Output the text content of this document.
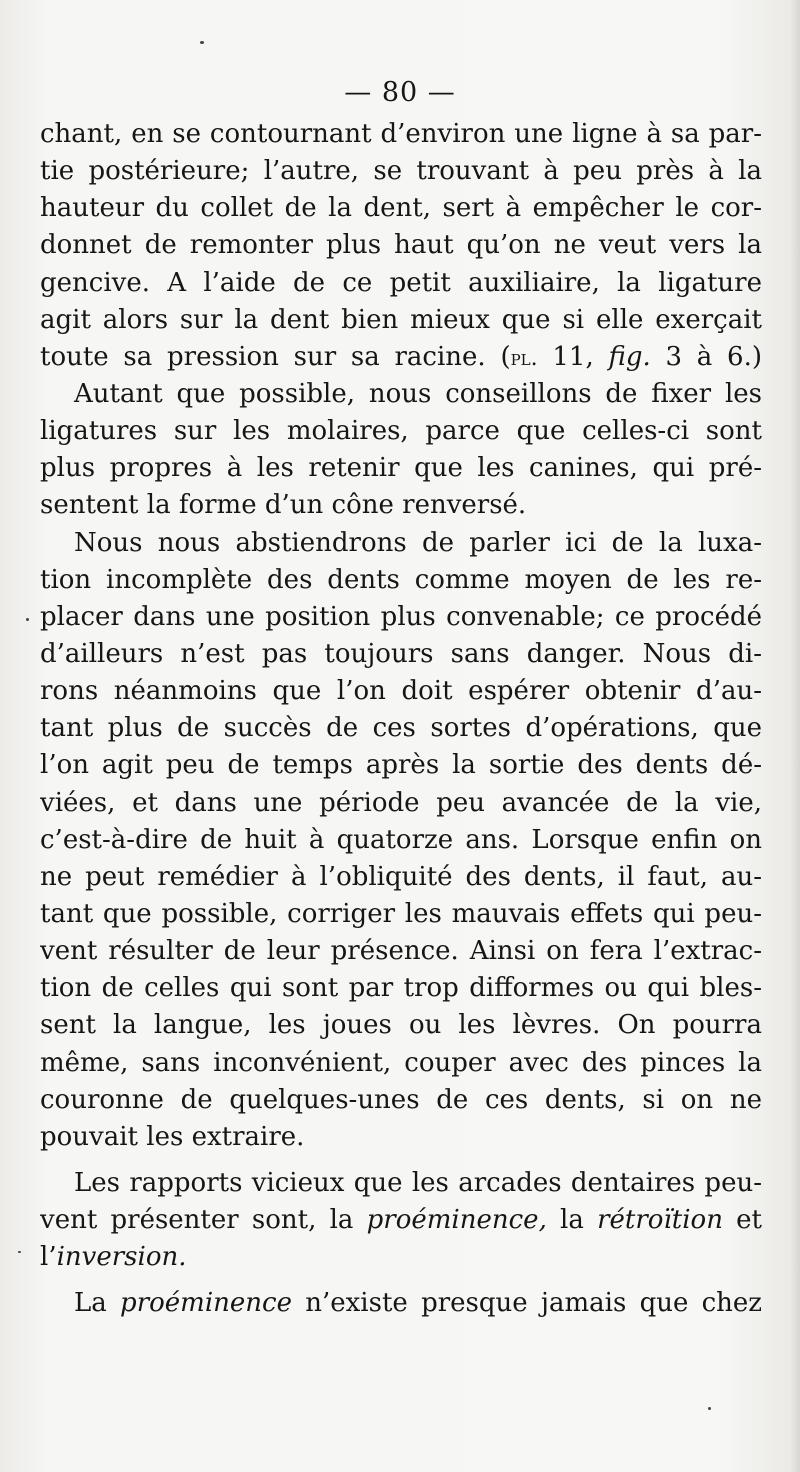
— 80 —
chant, en se contournant d’environ une ligne à sa par-
tie postérieure; l’autre, se trouvant à peu près à la
hauteur du collet de la dent, sert à empêcher le cor-
donnet de remonter plus haut qu’on ne veut vers la
gencive. A l’aide de ce petit auxiliaire, la ligature
agit alors sur la dent bien mieux que si elle exerçait
toute sa pression sur sa racine. (pl. 11, fig. 3 à 6.)
Autant que possible, nous conseillons de fixer les
ligatures sur les molaires, parce que celles-ci sont
plus propres à les retenir que les canines, qui pré-
sentent la forme d’un cône renversé.
Nous nous abstiendrons de parler ici de la luxa-
tion incomplète des dents comme moyen de les re-
placer dans une position plus convenable; ce procédé
d’ailleurs n’est pas toujours sans danger. Nous di-
rons néanmoins que l’on doit espérer obtenir d’au-
tant plus de succès de ces sortes d’opérations, que
l’on agit peu de temps après la sortie des dents dé-
viées, et dans une période peu avancée de la vie,
c’est-à-dire de huit à quatorze ans. Lorsque enfin on
ne peut remédier à l’obliquité des dents, il faut, au-
tant que possible, corriger les mauvais effets qui peu-
vent résulter de leur présence. Ainsi on fera l’extrac-
tion de celles qui sont par trop difformes ou qui bles-
sent la langue, les joues ou les lèvres. On pourra
même, sans inconvénient, couper avec des pinces la
couronne de quelques-unes de ces dents, si on ne
pouvait les extraire.
Les rapports vicieux que les arcades dentaires peu-
vent présenter sont, la proéminence, la rétroïtion et
l’inversion.
La proéminence n’existe presque jamais que chez
